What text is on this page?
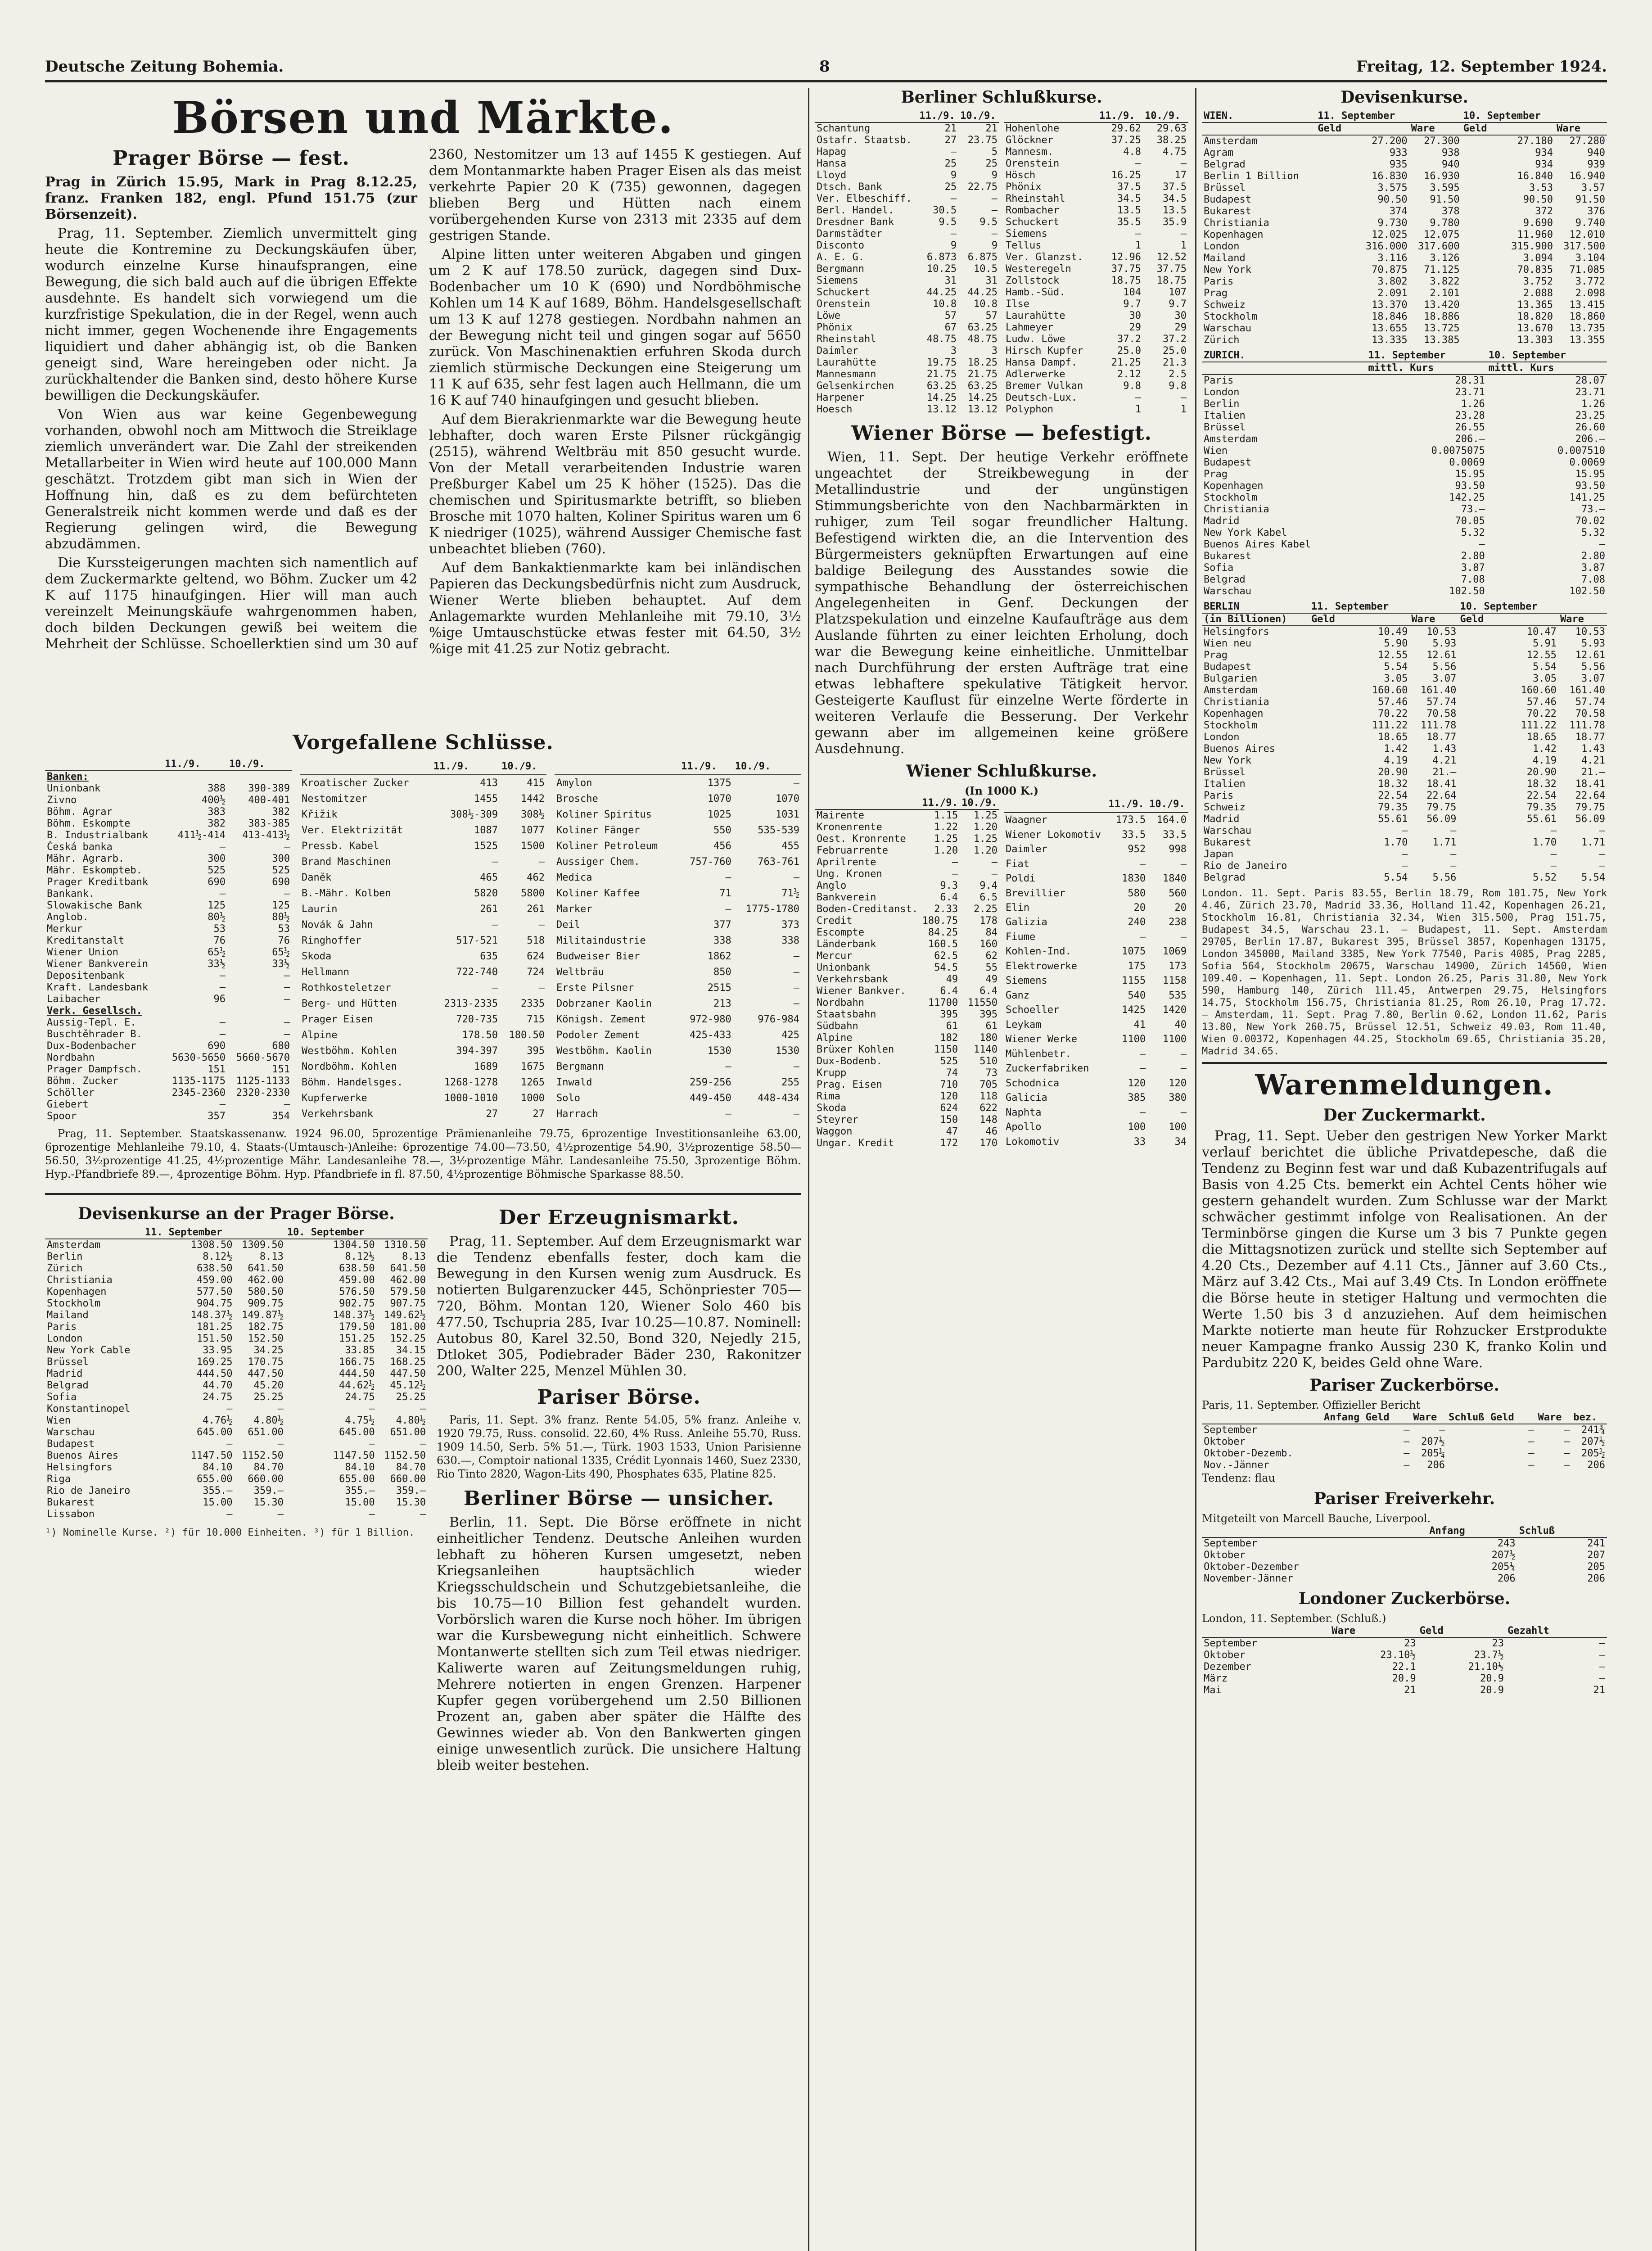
Deutsche Zeitung Bohemia.	8	Freitag, 12. September 1924.
Börsen und Märkte.
Prager Börse — fest.

Prag in Zürich 15.95, Mark in Prag 8.12.25, franz. Franken 182, engl. Pfund 151.75 (zur Börsenzeit).

Prag, 11. September. Ziemlich unvermittelt ging heute die Kontremine zu Deckungskäufen über, wodurch einzelne Kurse hinaufsprangen, eine Bewegung, die sich bald auch auf die übrigen Effekte ausdehnte. Es handelt sich vorwiegend um die kurzfristige Spekulation, die in der Regel, wenn auch nicht immer, gegen Wochenende ihre Engagements liquidiert und daher abhängig ist, ob die Banken geneigt sind, Ware hereingeben oder nicht. Ja zurückhaltender die Banken sind, desto höhere Kurse bewilligen die Deckungskäufer.

Von Wien aus war keine Gegenbewegung vorhanden, obwohl noch am Mittwoch die Streiklage ziemlich unverändert war. Die Zahl der streikenden Metallarbeiter in Wien wird heute auf 100.000 Mann geschätzt. Trotzdem gibt man sich in Wien der Hoffnung hin, daß es zu dem befürchteten Generalstreik nicht kommen werde und daß es der Regierung gelingen wird, die Bewegung abzudämmen.

Die Kurssteigerungen machten sich namentlich auf dem Zuckermarkte geltend, wo Böhm. Zucker um 42 K auf 1175 hinaufgingen. Hier will man auch vereinzelt Meinungskäufe wahrgenommen haben, doch bilden Deckungen gewiß bei weitem die Mehrheit der Schlüsse. Schoellerktien sind um 30 auf 2360, Nestomitzer um 13 auf 1455 K gestiegen. Auf dem Montanmarkte haben Prager Eisen als das meist verkehrte Papier 20 K (735) gewonnen, dagegen blieben Berg und Hütten nach einem vorübergehenden Kurse von 2313 mit 2335 auf dem gestrigen Stande.

Alpine litten unter weiteren Abgaben und gingen um 2 K auf 178.50 zurück, dagegen sind Dux-Bodenbacher um 10 K (690) und Nordböhmische Kohlen um 14 K auf 1689, Böhm. Handelsgesellschaft um 13 K auf 1278 gestiegen. Nordbahn nahmen an der Bewegung nicht teil und gingen sogar auf 5650 zurück. Von Maschinenaktien erfuhren Skoda durch ziemlich stürmische Deckungen eine Steigerung um 11 K auf 635, sehr fest lagen auch Hellmann, die um 16 K auf 740 hinaufgingen und gesucht blieben.

Auf dem Bierakrienmarkte war die Bewegung heute lebhafter, doch waren Erste Pilsner rückgängig (2515), während Weltbräu mit 850 gesucht wurde. Von der Metall verarbeitenden Industrie waren Preßburger Kabel um 25 K höher (1525). Das die chemischen und Spiritusmarkte betrifft, so blieben Brosche mit 1070 halten, Koliner Spiritus waren um 6 K niedriger (1025), während Aussiger Chemische fast unbeachtet blieben (760).

Auf dem Bankaktienmarkte kam bei inländischen Papieren das Deckungsbedürfnis nicht zum Ausdruck, Wiener Werte blieben behauptet. Auf dem Anlagemarkte wurden Mehlanleihe mit 79.10, 3½ %ige Umtauschstücke etwas fester mit 64.50, 3½ %ige mit 41.25 zur Notiz gebracht.

Vorgefallene Schlüsse.
	11./9.	10./9.
Banken:		
Unionbank	388	390-389
Zivno	400½	400-401
Böhm. Agrar	383	382
Böhm. Eskompte	382	383-385
B. Industrialbank	411½-414	413-413½
Česká banka	—	—
Mähr. Agrarb.	300	300
Mähr. Eskompteb.	525	525
Prager Kreditbank	690	690
Bankank.	—	—
Slowakische Bank	125	125
Anglob.	80½	80½
Merkur	53	53
Kreditanstalt	76	76
Wiener Union	65½	65½
Wiener Bankverein	33½	33½
Depositenbank	—	—
Kraft. Landesbank	—	—
Laibacher	96	—
Verk. Gesellsch.		
Aussig-Tepl. E.	—	—
Buschtěhrader B.	—	—
Dux-Bodenbacher	690	680
Nordbahn	5630-5650	5660-5670
Prager Dampfsch.	151	151
Böhm. Zucker	1135-1175	1125-1133
Schöller	2345-2360	2320-2330
Giebert	—	—
Spoor	357	354
	11./9.	10./9.
Kroatischer Zucker	413	415
Nestomitzer	1455	1442
Křižik	308½-309	308½
Ver. Elektrizität	1087	1077
Pressb. Kabel	1525	1500
Brand Maschinen	—	—
Daněk	465	462
B.-Mähr. Kolben	5820	5800
Laurin	261	261
Novák & Jahn	—	—
Ringhoffer	517-521	518
Skoda	635	624
Hellmann	722-740	724
Rothkosteletzer	—	—
Berg- und Hütten	2313-2335	2335
Prager Eisen	720-735	715
Alpine	178.50	180.50
Westböhm. Kohlen	394-397	395
Nordböhm. Kohlen	1689	1675
Böhm. Handelsges.	1268-1278	1265
Kupferwerke	1000-1010	1000
Verkehrsbank	27	27
	11./9.	10./9.
Amylon	1375	—
Brosche	1070	1070
Koliner Spiritus	1025	1031
Koliner Fänger	550	535-539
Koliner Petroleum	456	455
Aussiger Chem.	757-760	763-761
Medica	—	—
Koliner Kaffee	71	71½
Marker	—	1775-1780
Deil	377	373
Militaindustrie	338	338
Budweiser Bier	1862	—
Weltbräu	850	—
Erste Pilsner	2515	—
Dobrzaner Kaolin	213	—
Königsh. Zement	972-980	976-984
Podoler Zement	425-433	425
Westböhm. Kaolin	1530	1530
Bergmann	—	—
Inwald	259-256	255
Solo	449-450	448-434
Harrach	—	—

Prag, 11. September. Staatskassenanw. 1924 96.00, 5prozentige Prämienanleihe 79.75, 6prozentige Investitionsanleihe 63.00, 6prozentige Mehlanleihe 79.10, 4. Staats-(Umtausch-)Anleihe: 6prozentige 74.00—73.50, 4½prozentige 54.90, 3½prozentige 58.50—56.50, 3½prozentige 41.25, 4½prozentige Mähr. Landesanleihe 78.—, 3½prozentige Mähr. Landesanleihe 75.50, 3prozentige Böhm. Hyp.-Pfandbriefe 89.—, 4prozentige Böhm. Hyp. Pfandbriefe in fl. 87.50, 4½prozentige Böhmische Sparkasse 88.50.

Devisenkurse an der Prager Börse.
	11. September		10. September	
Amsterdam	1308.50	1309.50	1304.50	1310.50
Berlin	8.12½	8.13	8.12½	8.13
Zürich	638.50	641.50	638.50	641.50
Christiania	459.00	462.00	459.00	462.00
Kopenhagen	577.50	580.50	576.50	579.50
Stockholm	904.75	909.75	902.75	907.75
Mailand	148.37½	149.87½	148.37½	149.62½
Paris	181.25	182.75	179.50	181.00
London	151.50	152.50	151.25	152.25
New York Cable	33.95	34.25	33.85	34.15
Brüssel	169.25	170.75	166.75	168.25
Madrid	444.50	447.50	444.50	447.50
Belgrad	44.70	45.20	44.62½	45.12½
Sofia	24.75	25.25	24.75	25.25
Konstantinopel	—	—	—	—
Wien	4.76½	4.80½	4.75½	4.80½
Warschau	645.00	651.00	645.00	651.00
Budapest	—	—	—	—
Buenos Aires	1147.50	1152.50	1147.50	1152.50
Helsingfors	84.10	84.70	84.10	84.70
Riga	655.00	660.00	655.00	660.00
Rio de Janeiro	355.—	359.—	355.—	359.—
Bukarest	15.00	15.30	15.00	15.30
Lissabon	—	—	—	—
¹) Nominelle Kurse. ²) für 10.000 Einheiten. ³) für 1 Billion.
Der Erzeugnismarkt.

Prag, 11. September. Auf dem Erzeugnismarkt war die Tendenz ebenfalls fester, doch kam die Bewegung in den Kursen wenig zum Ausdruck. Es notierten Bulgarenzucker 445, Schönpriester 705—720, Böhm. Montan 120, Wiener Solo 460 bis 477.50, Tschupria 285, Ivar 10.25—10.87. Nominell: Autobus 80, Karel 32.50, Bond 320, Nejedly 215, Dtloket 305, Podiebrader Bäder 230, Rakonitzer 200, Walter 225, Menzel Mühlen 30.

Pariser Börse.

Paris, 11. Sept. 3% franz. Rente 54.05, 5% franz. Anleihe v. 1920 79.75, Russ. consolid. 22.60, 4% Russ. Anleihe 55.70, Russ. 1909 14.50, Serb. 5% 51.—, Türk. 1903 1533, Union Parisienne 630.—, Comptoir national 1335, Crédit Lyonnais 1460, Suez 2330, Rio Tinto 2820, Wagon-Lits 490, Phosphates 635, Platine 825.

Berliner Börse — unsicher.

Berlin, 11. Sept. Die Börse eröffnete in nicht einheitlicher Tendenz. Deutsche Anleihen wurden lebhaft zu höheren Kursen umgesetzt, neben Kriegsanleihen hauptsächlich wieder Kriegsschuldschein und Schutzgebietsanleihe, die bis 10.75—10 Billion fest gehandelt wurden. Vorbörslich waren die Kurse noch höher. Im übrigen war die Kursbewegung nicht einheitlich. Schwere Montanwerte stellten sich zum Teil etwas niedriger. Kaliwerte waren auf Zeitungsmeldungen ruhig, Mehrere notierten in engen Grenzen. Harpener Kupfer gegen vorübergehend um 2.50 Billionen Prozent an, gaben aber später die Hälfte des Gewinnes wieder ab. Von den Bankwerten gingen einige unwesentlich zurück. Die unsichere Haltung bleib weiter bestehen.

Berliner Schlußkurse.
	11./9.	10./9.
Schantung	21	21
Ostafr. Staatsb.	27	23.75
Hapag	—	5
Hansa	25	25
Lloyd	9	9
Dtsch. Bank	25	22.75
Ver. Elbeschiff.	—	—
Berl. Handel.	30.5	—
Dresdner Bank	9.5	9.5
Darmstädter	—	—
Disconto	9	9
A. E. G.	6.873	6.875
Bergmann	10.25	10.5
Siemens	31	31
Schuckert	44.25	44.25
Orenstein	10.8	10.8
Löwe	57	57
Phönix	67	63.25
Rheinstahl	48.75	48.75
Daimler	3	3
Laurahütte	19.75	18.25
Mannesmann	21.75	21.75
Gelsenkirchen	63.25	63.25
Harpener	14.25	14.25
Hoesch	13.12	13.12
	11./9.	10./9.
Hohenlohe	29.62	29.63
Glöckner	37.25	38.25
Mannesm.	4.8	4.75
Orenstein	—	—
Hösch	16.25	17
Phönix	37.5	37.5
Rheinstahl	34.5	34.5
Rombacher	13.5	13.5
Schuckert	35.5	35.9
Siemens	—	—
Tellus	1	1
Ver. Glanzst.	12.96	12.52
Westeregeln	37.75	37.75
Zollstock	18.75	18.75
Hamb.-Süd.	104	107
Ilse	9.7	9.7
Laurahütte	30	30
Lahmeyer	29	29
Ludw. Löwe	37.2	37.2
Hirsch Kupfer	25.0	25.0
Hansa Dampf.	21.25	21.3
Adlerwerke	2.12	2.5
Bremer Vulkan	9.8	9.8
Deutsch-Lux.	—	—
Polyphon	1	1
Wiener Börse — befestigt.

Wien, 11. Sept. Der heutige Verkehr eröffnete ungeachtet der Streikbewegung in der Metallindustrie und der ungünstigen Stimmungsberichte von den Nachbarmärkten in ruhiger, zum Teil sogar freundlicher Haltung. Befestigend wirkten die, an die Intervention des Bürgermeisters geknüpften Erwartungen auf eine baldige Beilegung des Ausstandes sowie die sympathische Behandlung der österreichischen Angelegenheiten in Genf. Deckungen der Platzspekulation und einzelne Kaufaufträge aus dem Auslande führten zu einer leichten Erholung, doch war die Bewegung keine einheitliche. Unmittelbar nach Durchführung der ersten Aufträge trat eine etwas lebhaftere spekulative Tätigkeit hervor. Gesteigerte Kauflust für einzelne Werte förderte in weiteren Verlaufe die Besserung. Der Verkehr gewann aber im allgemeinen keine größere Ausdehnung.

Wiener Schlußkurse.
(In 1000 K.)
	11./9.	10./9.
Mairente	1.15	1.25
Kronenrente	1.22	1.20
Oest. Kronrente	1.25	1.25
Februarrente	1.20	1.20
Aprilrente	—	—
Ung. Kronen	—	—
Anglo	9.3	9.4
Bankverein	6.4	6.5
Boden-Creditanst.	2.33	2.25
Credit	180.75	178
Escompte	84.25	84
Länderbank	160.5	160
Mercur	62.5	62
Unionbank	54.5	55
Verkehrsbank	49	49
Wiener Bankver.	6.4	6.4
Nordbahn	11700	11550
Staatsbahn	395	395
Südbahn	61	61
Alpine	182	180
Brüxer Kohlen	1150	1140
Dux-Bodenb.	525	510
Krupp	74	73
Prag. Eisen	710	705
Rima	120	118
Skoda	624	622
Steyrer	150	148
Waggon	47	46
Ungar. Kredit	172	170
	11./9.	10./9.
Waagner	173.5	164.0
Wiener Lokomotiv	33.5	33.5
Daimler	952	998
Fiat	—	—
Poldi	1830	1840
Brevillier	580	560
Elin	20	20
Galizia	240	238
Fiume	—	—
Kohlen-Ind.	1075	1069
Elektrowerke	175	173
Siemens	1155	1158
Ganz	540	535
Schoeller	1425	1420
Leykam	41	40
Wiener Werke	1100	1100
Mühlenbetr.	—	—
Zuckerfabriken	—	—
Schodnica	120	120
Galicia	385	380
Naphta	—	—
Apollo	100	100
Lokomotiv	33	34
Devisenkurse.
WIEN.	11. September		10. September	
	Geld	Ware	Geld	Ware
Amsterdam	27.200	27.300	27.180	27.280
Agram	933	938	934	940
Belgrad	935	940	934	939
Berlin 1 Billion	16.830	16.930	16.840	16.940
Brüssel	3.575	3.595	3.53	3.57
Budapest	90.50	91.50	90.50	91.50
Bukarest	374	378	372	376
Christiania	9.730	9.780	9.690	9.740
Kopenhagen	12.025	12.075	11.960	12.010
London	316.000	317.600	315.900	317.500
Mailand	3.116	3.126	3.094	3.104
New York	70.875	71.125	70.835	71.085
Paris	3.802	3.822	3.752	3.772
Prag	2.091	2.101	2.088	2.098
Schweiz	13.370	13.420	13.365	13.415
Stockholm	18.846	18.886	18.820	18.860
Warschau	13.655	13.725	13.670	13.735
Zürich	13.335	13.385	13.303	13.355
ZÜRICH.	11. September	10. September
	mittl. Kurs	mittl. Kurs
Paris	28.31	28.07
London	23.71	23.71
Berlin	1.26	1.26
Italien	23.28	23.25
Brüssel	26.55	26.60
Amsterdam	206.—	206.—
Wien	0.0075075	0.007510
Budapest	0.0069	0.0069
Prag	15.95	15.95
Kopenhagen	93.50	93.50
Stockholm	142.25	141.25
Christiania	73.—	73.—
Madrid	70.05	70.02
New York Kabel	5.32	5.32
Buenos Aires Kabel	—	—
Bukarest	2.80	2.80
Sofia	3.87	3.87
Belgrad	7.08	7.08
Warschau	102.50	102.50
BERLIN	11. September		10. September	
(in Billionen)	Geld	Ware	Geld	Ware
Helsingfors	10.49	10.53	10.47	10.53
Wien neu	5.90	5.93	5.91	5.93
Prag	12.55	12.61	12.55	12.61
Budapest	5.54	5.56	5.54	5.56
Bulgarien	3.05	3.07	3.05	3.07
Amsterdam	160.60	161.40	160.60	161.40
Christiania	57.46	57.74	57.46	57.74
Kopenhagen	70.22	70.58	70.22	70.58
Stockholm	111.22	111.78	111.22	111.78
London	18.65	18.77	18.65	18.77
Buenos Aires	1.42	1.43	1.42	1.43
New York	4.19	4.21	4.19	4.21
Brüssel	20.90	21.—	20.90	21.—
Italien	18.32	18.41	18.32	18.41
Paris	22.54	22.64	22.54	22.64
Schweiz	79.35	79.75	79.35	79.75
Madrid	55.61	56.09	55.61	56.09
Warschau	—	—	—	—
Bukarest	1.70	1.71	1.70	1.71
Japan	—	—	—	—
Rio de Janeiro	—	—	—	—
Belgrad	5.54	5.56	5.52	5.54

London. 11. Sept. Paris 83.55, Berlin 18.79, Rom 101.75, New York 4.46, Zürich 23.70, Madrid 33.36, Holland 11.42, Kopenhagen 26.21, Stockholm 16.81, Christiania 32.34, Wien 315.500, Prag 151.75, Budapest 34.5, Warschau 23.1. — Budapest, 11. Sept. Amsterdam 29705, Berlin 17.87, Bukarest 395, Brüssel 3857, Kopenhagen 13175, London 345000, Mailand 3385, New York 77540, Paris 4085, Prag 2285, Sofia 564, Stockholm 20675, Warschau 14900, Zürich 14560, Wien 109.40. — Kopenhagen, 11. Sept. London 26.25, Paris 31.80, New York 590, Hamburg 140, Zürich 111.45, Antwerpen 29.75, Helsingfors 14.75, Stockholm 156.75, Christiania 81.25, Rom 26.10, Prag 17.72. — Amsterdam, 11. Sept. Prag 7.80, Berlin 0.62, London 11.62, Paris 13.80, New York 260.75, Brüssel 12.51, Schweiz 49.03, Rom 11.40, Wien 0.00372, Kopenhagen 44.25, Stockholm 69.65, Christiania 35.20, Madrid 34.65.

Warenmeldungen.
Der Zuckermarkt.

Prag, 11. Sept. Ueber den gestrigen New Yorker Markt verlauf berichtet die übliche Privatdepesche, daß die Tendenz zu Beginn fest war und daß Kubazentrifugals auf Basis von 4.25 Cts. bemerkt ein Achtel Cents höher wie gestern gehandelt wurden. Zum Schlusse war der Markt schwächer gestimmt infolge von Realisationen. An der Terminbörse gingen die Kurse um 3 bis 7 Punkte gegen die Mittagsnotizen zurück und stellte sich September auf 4.20 Cts., Dezember auf 4.11 Cts., Jänner auf 3.60 Cts., März auf 3.42 Cts., Mai auf 3.49 Cts. In London eröffnete die Börse heute in stetiger Haltung und vermochten die Werte 1.50 bis 3 d anzuziehen. Auf dem heimischen Markte notierte man heute für Rohzucker Erstprodukte neuer Kampagne franko Aussig 230 K, franko Kolin und Pardubitz 220 K, beides Geld ohne Ware.

Pariser Zuckerbörse.
Paris, 11. September. Offizieller Bericht
	Anfang Geld	Ware	Schluß Geld	Ware	bez.
September	—	—	—	—	241¾
Oktober	—	207½	—	—	207½
Oktober-Dezemb.	—	205¼	—	—	205½
Nov.-Jänner	—	206	—	—	206
Tendenz: flau
Pariser Freiverkehr.
Mitgeteilt von Marcell Bauche, Liverpool.
	Anfang	Schluß
September	243	241
Oktober	207½	207
Oktober-Dezember	205¼	205
November-Jänner	206	206
Londoner Zuckerbörse.
London, 11. September. (Schluß.)
	Ware	Geld	Gezahlt
September	23	23	—
Oktober	23.10½	23.7½	—
Dezember	22.1	21.10½	—
März	20.9	20.9	—
Mai	21	20.9	21
